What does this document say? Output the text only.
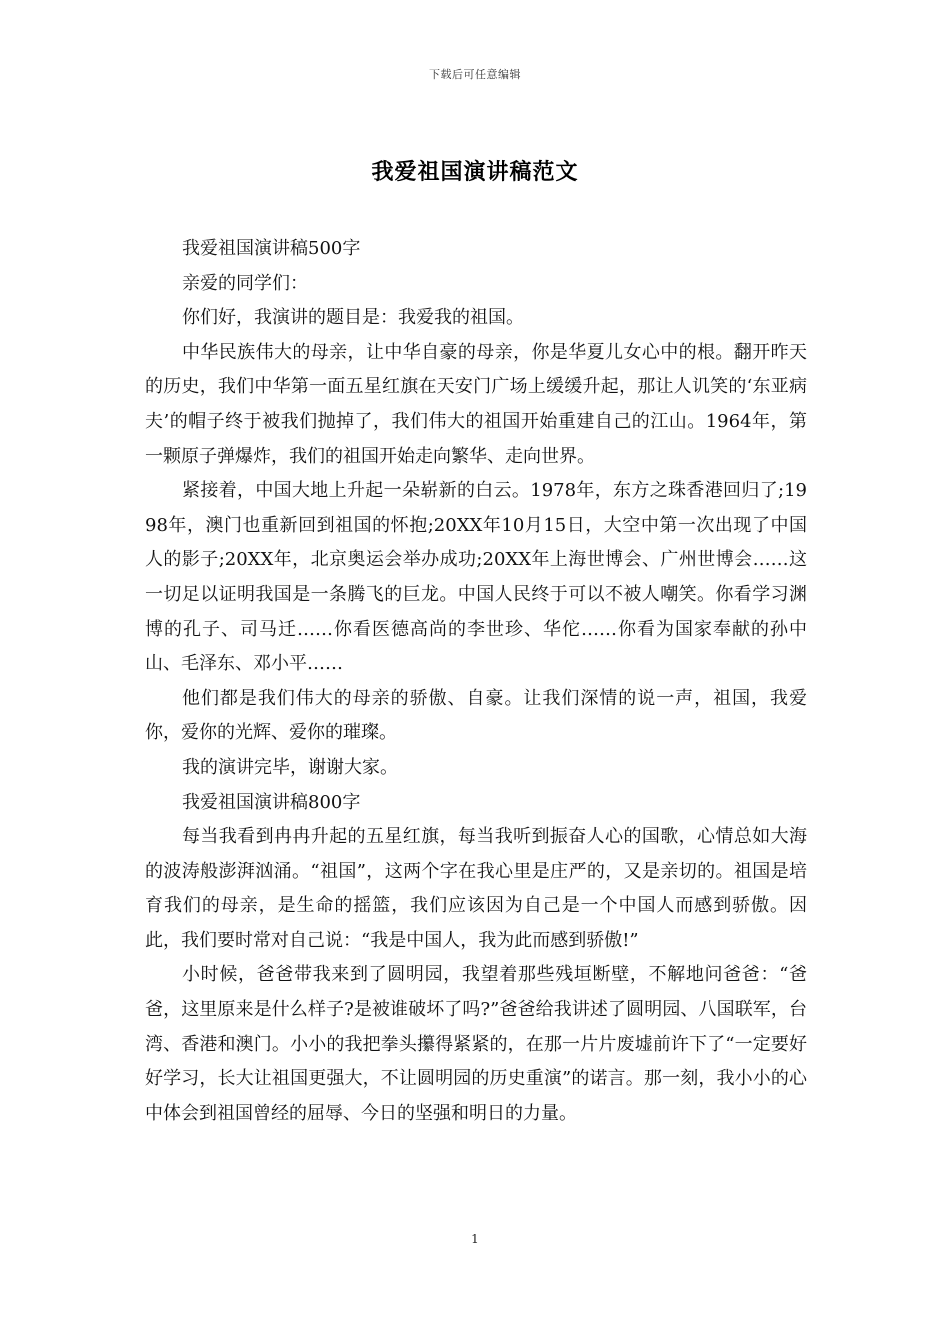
下载后可任意编辑
我爱祖国演讲稿范文

我爱祖国演讲稿500字

亲爱的同学们：

你们好，我演讲的题目是：我爱我的祖国。

中华民族伟大的母亲，让中华自豪的母亲，你是华夏儿女心中的根。翻开昨天的历史，我们中华第一面五星红旗在天安门广场上缓缓升起，那让人讥笑的‘东亚病夫’的帽子终于被我们抛掉了，我们伟大的祖国开始重建自己的江山。1964年，第一颗原子弹爆炸，我们的祖国开始走向繁华、走向世界。

紧接着，中国大地上升起一朵崭新的白云。1978年，东方之珠香港回归了;1998年，澳门也重新回到祖国的怀抱;20XX年10月15日，大空中第一次出现了中国人的影子;20XX年，北京奥运会举办成功;20XX年上海世博会、广州世博会……这一切足以证明我国是一条腾飞的巨龙。中国人民终于可以不被人嘲笑。你看学习渊博的孔子、司马迁……你看医德高尚的李世珍、华佗……你看为国家奉献的孙中山、毛泽东、邓小平……

他们都是我们伟大的母亲的骄傲、自豪。让我们深情的说一声，祖国，我爱你，爱你的光辉、爱你的璀璨。

我的演讲完毕，谢谢大家。

我爱祖国演讲稿800字

每当我看到冉冉升起的五星红旗，每当我听到振奋人心的国歌，心情总如大海的波涛般澎湃汹涌。“祖国”，这两个字在我心里是庄严的，又是亲切的。祖国是培育我们的母亲，是生命的摇篮，我们应该因为自己是一个中国人而感到骄傲。因此，我们要时常对自己说：“我是中国人，我为此而感到骄傲!”

小时候，爸爸带我来到了圆明园，我望着那些残垣断壁，不解地问爸爸：“爸爸，这里原来是什么样子?是被谁破坏了吗?”爸爸给我讲述了圆明园、八国联军，台湾、香港和澳门。小小的我把拳头攥得紧紧的，在那一片片废墟前许下了“一定要好好学习，长大让祖国更强大，不让圆明园的历史重演”的诺言。那一刻，我小小的心中体会到祖国曾经的屈辱、今日的坚强和明日的力量。

1
